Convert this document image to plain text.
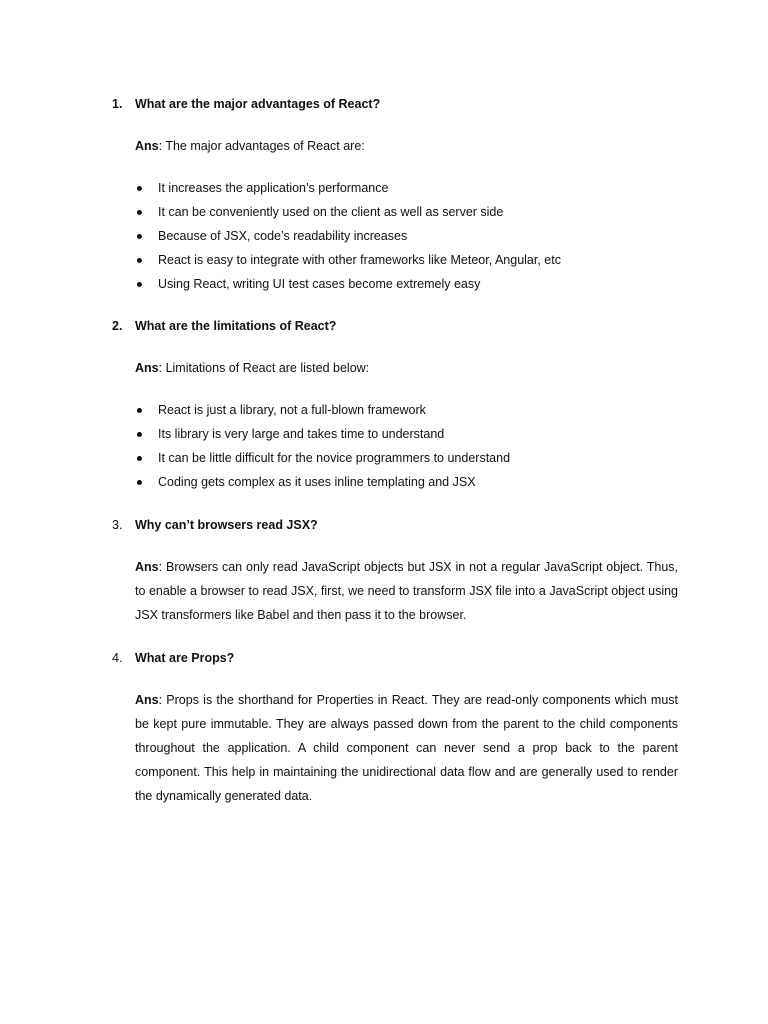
1. What are the major advantages of React?
Ans: The major advantages of React are:
It increases the application’s performance
It can be conveniently used on the client as well as server side
Because of JSX, code’s readability increases
React is easy to integrate with other frameworks like Meteor, Angular, etc
Using React, writing UI test cases become extremely easy
2. What are the limitations of React?
Ans: Limitations of React are listed below:
React is just a library, not a full-blown framework
Its library is very large and takes time to understand
It can be little difficult for the novice programmers to understand
Coding gets complex as it uses inline templating and JSX
3. Why can’t browsers read JSX?
Ans: Browsers can only read JavaScript objects but JSX in not a regular JavaScript object. Thus, to enable a browser to read JSX, first, we need to transform JSX file into a JavaScript object using JSX transformers like Babel and then pass it to the browser.
4. What are Props?
Ans: Props is the shorthand for Properties in React. They are read-only components which must be kept pure immutable. They are always passed down from the parent to the child components throughout the application. A child component can never send a prop back to the parent component. This help in maintaining the unidirectional data flow and are generally used to render the dynamically generated data.
